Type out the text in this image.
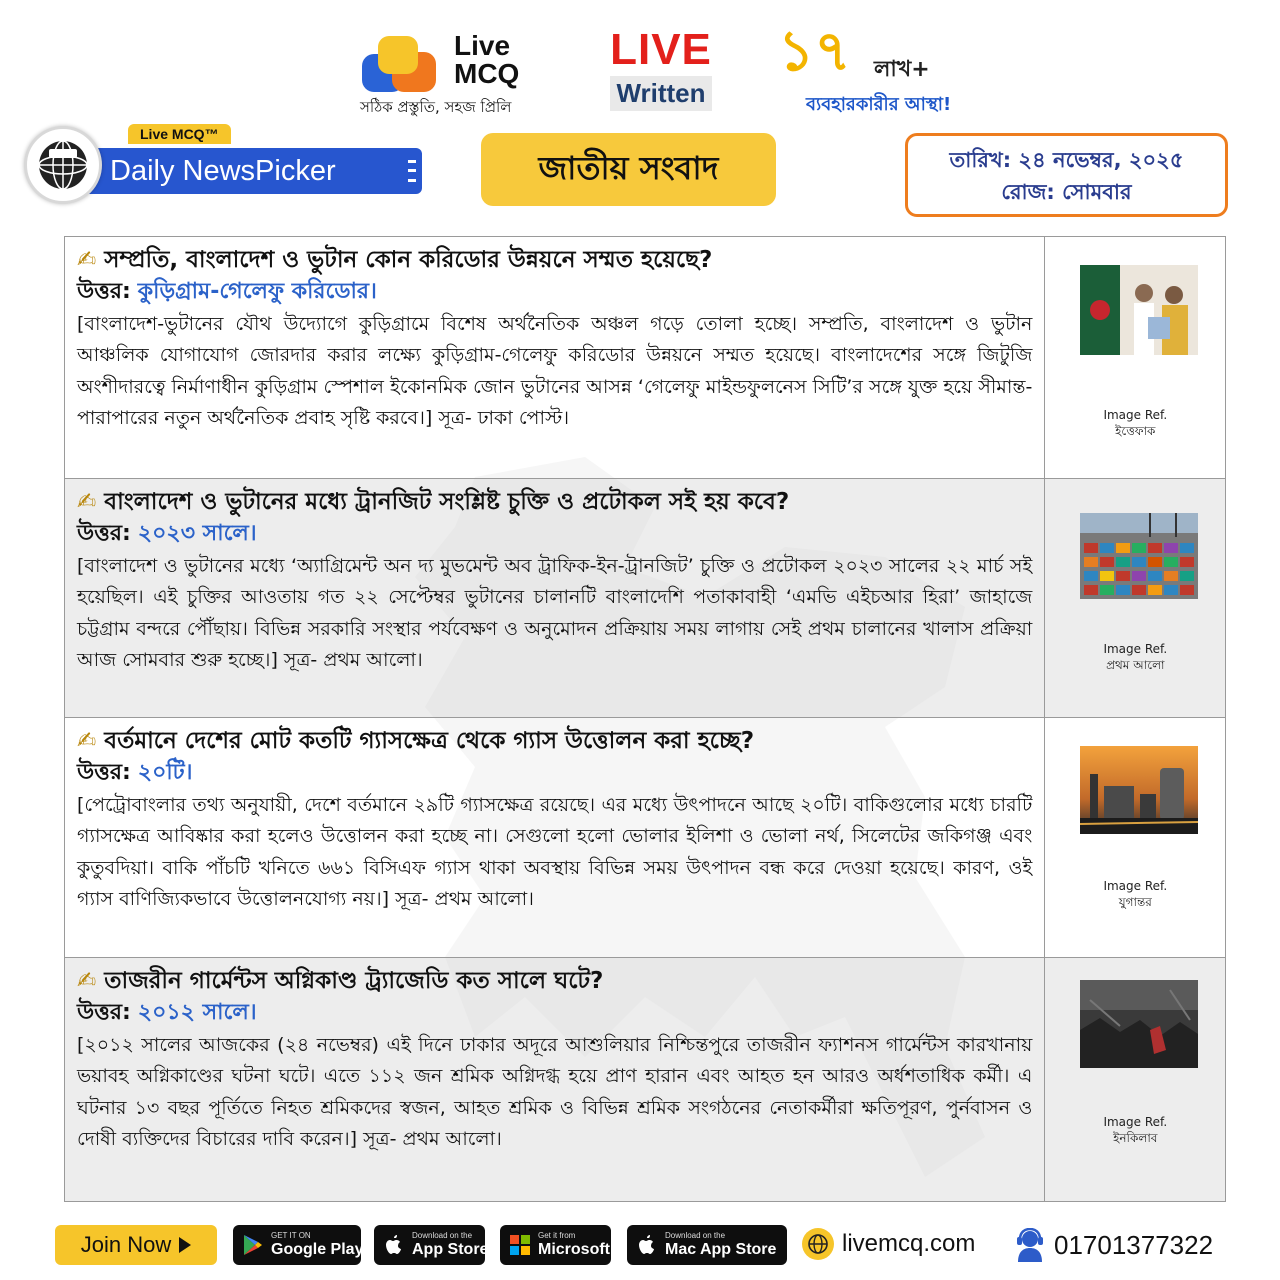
Live
MCQ
সঠিক প্রস্তুতি, সহজ প্রিলি
LIVE
Written
১৭ লাখ+
ব্যবহারকারীর আস্থা!
Live MCQ™
Daily NewsPicker	জাতীয় সংবাদ	তারিখ: ২৪ নভেম্বর, ২০২৫
রোজ: সোমবার
✍ সম্প্রতি, বাংলাদেশ ও ভুটান কোন করিডোর উন্নয়নে সম্মত হয়েছে?
উত্তর: কুড়িগ্রাম-গেলেফু করিডোর।
[বাংলাদেশ-ভুটানের যৌথ উদ্যোগে কুড়িগ্রামে বিশেষ অর্থনৈতিক অঞ্চল গড়ে তোলা হচ্ছে। সম্প্রতি, বাংলাদেশ ও ভুটান আঞ্চলিক যোগাযোগ জোরদার করার লক্ষ্যে কুড়িগ্রাম-গেলেফু করিডোর উন্নয়নে সম্মত হয়েছে। বাংলাদেশের সঙ্গে জিটুজি অংশীদারত্বে নির্মাণাধীন কুড়িগ্রাম স্পেশাল ইকোনমিক জোন ভুটানের আসন্ন ‘গেলেফু মাইন্ডফুলনেস সিটি’র সঙ্গে যুক্ত হয়ে সীমান্ত-পারাপারের নতুন অর্থনৈতিক প্রবাহ সৃষ্টি করবে।] সূত্র- ঢাকা পোস্ট।	Image Ref.
ইত্তেফাক
✍ বাংলাদেশ ও ভুটানের মধ্যে ট্রানজিট সংশ্লিষ্ট চুক্তি ও প্রটোকল সই হয় কবে?
উত্তর: ২০২৩ সালে।
[বাংলাদেশ ও ভুটানের মধ্যে ‘অ্যাগ্রিমেন্ট অন দ্য মুভমেন্ট অব ট্রাফিক-ইন-ট্রানজিট’ চুক্তি ও প্রটোকল ২০২৩ সালের ২২ মার্চ সই হয়েছিল। এই চুক্তির আওতায় গত ২২ সেপ্টেম্বর ভুটানের চালানটি বাংলাদেশি পতাকাবাহী ‘এমভি এইচআর হিরা’ জাহাজে চট্টগ্রাম বন্দরে পৌঁছায়। বিভিন্ন সরকারি সংস্থার পর্যবেক্ষণ ও অনুমোদন প্রক্রিয়ায় সময় লাগায় সেই প্রথম চালানের খালাস প্রক্রিয়া আজ সোমবার শুরু হচ্ছে।] সূত্র- প্রথম আলো।
Image Ref.
প্রথম আলো
✍ বর্তমানে দেশের মোট কতটি গ্যাসক্ষেত্র থেকে গ্যাস উত্তোলন করা হচ্ছে?
উত্তর: ২০টি।
[পেট্রোবাংলার তথ্য অনুযায়ী, দেশে বর্তমানে ২৯টি গ্যাসক্ষেত্র রয়েছে। এর মধ্যে উৎপাদনে আছে ২০টি। বাকিগুলোর মধ্যে চারটি গ্যাসক্ষেত্র আবিষ্কার করা হলেও উত্তোলন করা হচ্ছে না। সেগুলো হলো ভোলার ইলিশা ও ভোলা নর্থ, সিলেটের জকিগঞ্জ এবং কুতুবদিয়া। বাকি পাঁচটি খনিতে ৬৬১ বিসিএফ গ্যাস থাকা অবস্থায় বিভিন্ন সময় উৎপাদন বন্ধ করে দেওয়া হয়েছে। কারণ, ওই গ্যাস বাণিজ্যিকভাবে উত্তোলনযোগ্য নয়।] সূত্র- প্রথম আলো।
Image Ref.
যুগান্তর
✍ তাজরীন গার্মেন্টস অগ্নিকাণ্ড ট্র্যাজেডি কত সালে ঘটে?
উত্তর: ২০১২ সালে।
[২০১২ সালের আজকের (২৪ নভেম্বর) এই দিনে ঢাকার অদূরে আশুলিয়ার নিশ্চিন্তপুরে তাজরীন ফ্যাশনস গার্মেন্টস কারখানায় ভয়াবহ অগ্নিকাণ্ডের ঘটনা ঘটে। এতে ১১২ জন শ্রমিক অগ্নিদগ্ধ হয়ে প্রাণ হারান এবং আহত হন আরও অর্ধশতাধিক কর্মী। এ ঘটনার ১৩ বছর পূর্তিতে নিহত শ্রমিকদের স্বজন, আহত শ্রমিক ও বিভিন্ন শ্রমিক সংগঠনের নেতাকর্মীরা ক্ষতিপূরণ, পুর্নবাসন ও দোষী ব্যক্তিদের বিচারের দাবি করেন।] সূত্র- প্রথম আলো।
Image Ref.
ইনকিলাব
Join Now	GET IT ON
Google Play
Download on the
App Store
Get it from
Microsoft
Download on the
Mac App Store	livemcq.com	01701377322
